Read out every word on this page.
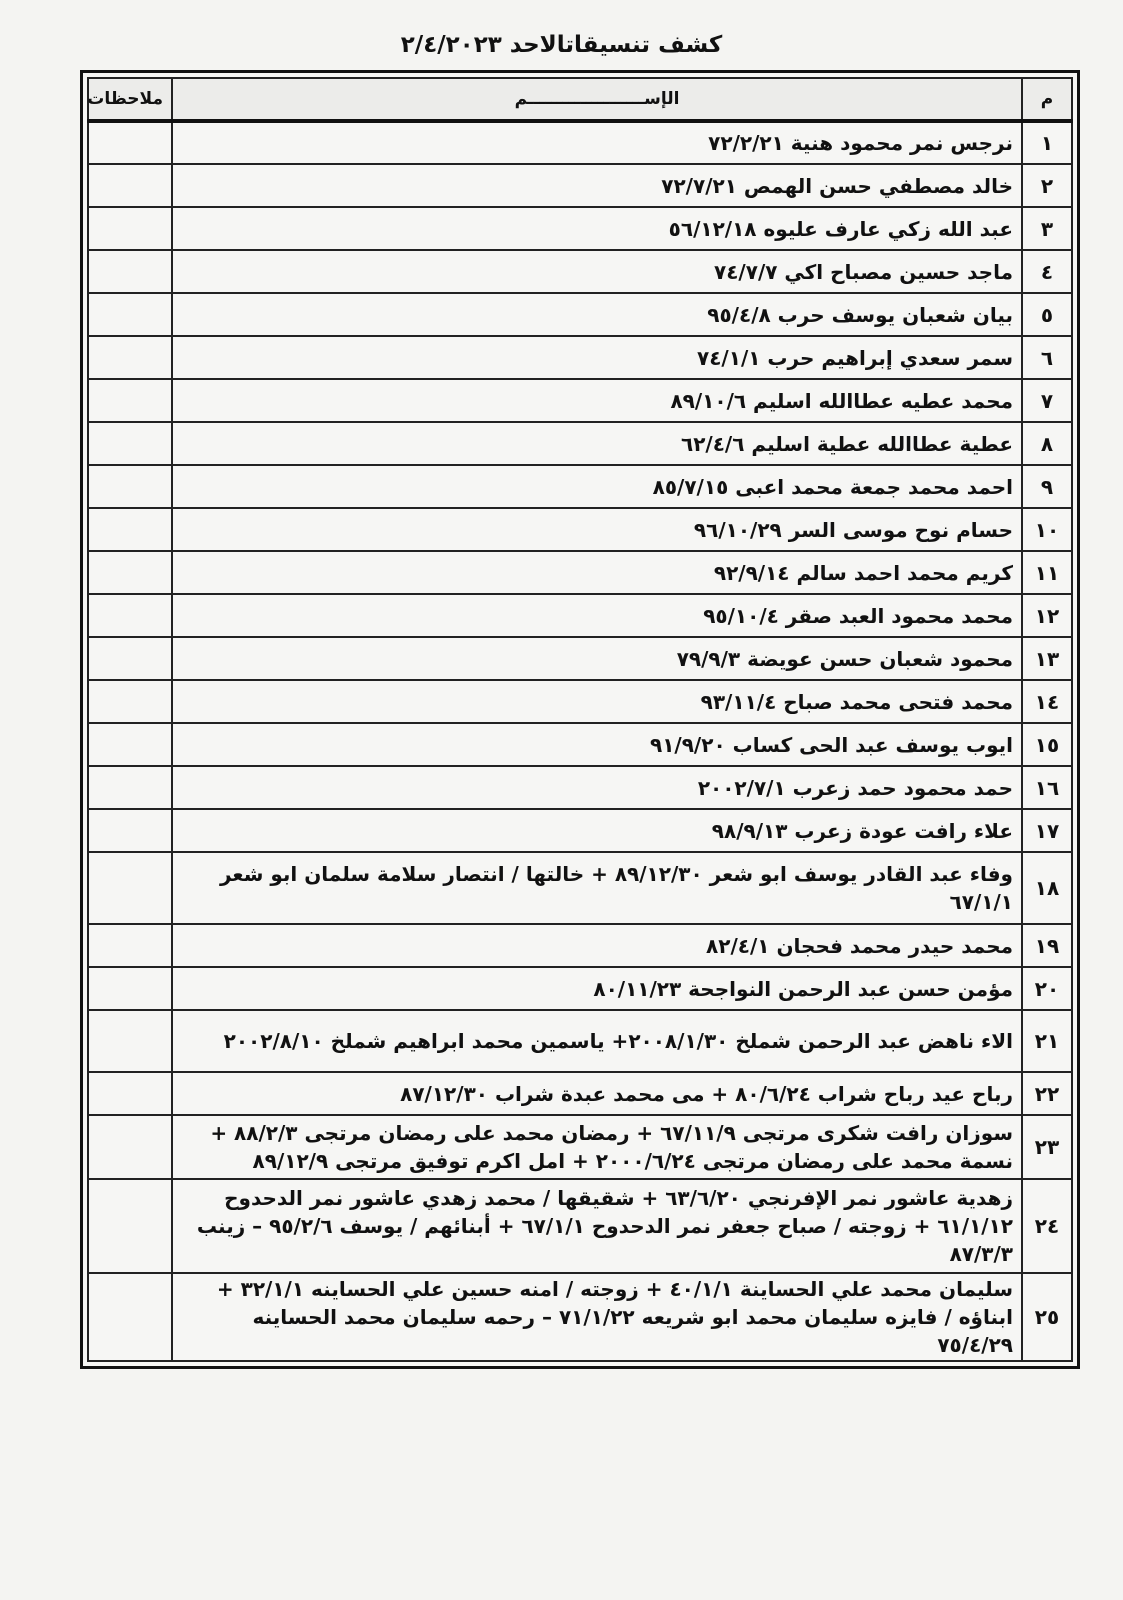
كشف تنسيقاتالاحد ٢/٤/٢٠٢٣
م	الإســــــــــــــــــــم	ملاحظات
١	نرجس نمر محمود هنية ٧٢/٢/٢١	
٢	خالد مصطفي حسن الهمص ٧٢/٧/٢١	
٣	عبد الله زكي عارف عليوه ٥٦/١٢/١٨	
٤	ماجد حسين مصباح اكي ٧٤/٧/٧	
٥	بيان شعبان يوسف حرب ٩٥/٤/٨	
٦	سمر سعدي إبراهيم حرب ٧٤/١/١	
٧	محمد عطيه عطاالله اسليم ٨٩/١٠/٦	
٨	عطية عطاالله عطية اسليم ٦٢/٤/٦	
٩	احمد محمد جمعة محمد اعبى ٨٥/٧/١٥	
١٠	حسام نوح موسى السر ٩٦/١٠/٢٩	
١١	كريم محمد احمد سالم ٩٢/٩/١٤	
١٢	محمد محمود العبد صقر ٩٥/١٠/٤	
١٣	محمود شعبان حسن عويضة ٧٩/٩/٣	
١٤	محمد فتحى محمد صباح ٩٣/١١/٤	
١٥	ايوب يوسف عبد الحى كساب ٩١/٩/٢٠	
١٦	حمد محمود حمد زعرب ٢٠٠٢/٧/١	
١٧	علاء رافت عودة زعرب ٩٨/٩/١٣	
١٨	وفاء عبد القادر يوسف ابو شعر ٨٩/١٢/٣٠ + خالتها / انتصار سلامة سلمان ابو شعر ٦٧/١/١	
١٩	محمد حيدر محمد فحجان ٨٢/٤/١	
٢٠	مؤمن حسن عبد الرحمن النواجحة ٨٠/١١/٢٣	
٢١	الاء ناهض عبد الرحمن شملخ ٢٠٠٨/١/٣٠+ ياسمين محمد ابراهيم شملخ ٢٠٠٢/٨/١٠	
٢٢	رباح عيد رباح شراب ٨٠/٦/٢٤ + مى محمد عبدة شراب ٨٧/١٢/٣٠	
٢٣	سوزان رافت شكرى مرتجى ٦٧/١١/٩ + رمضان محمد على رمضان مرتجى ٨٨/٢/٣ + نسمة محمد على رمضان مرتجى ٢٠٠٠/٦/٢٤ + امل اكرم توفيق مرتجى ٨٩/١٢/٩	
٢٤	زهدية عاشور نمر الإفرنجي ٦٣/٦/٢٠ + شقيقها / محمد زهدي عاشور نمر الدحدوح ٦١/١/١٢ + زوجته / صباح جعفر نمر الدحدوح ٦٧/١/١ + أبنائهم / يوسف ٩٥/٢/٦ – زينب ٨٧/٣/٣	
٢٥	سليمان محمد علي الحساينة ٤٠/١/١ + زوجته / امنه حسين علي الحساينه ٣٢/١/١ + ابناؤه / فايزه سليمان محمد ابو شريعه ٧١/١/٢٢ – رحمه سليمان محمد الحساينه ٧٥/٤/٢٩	
